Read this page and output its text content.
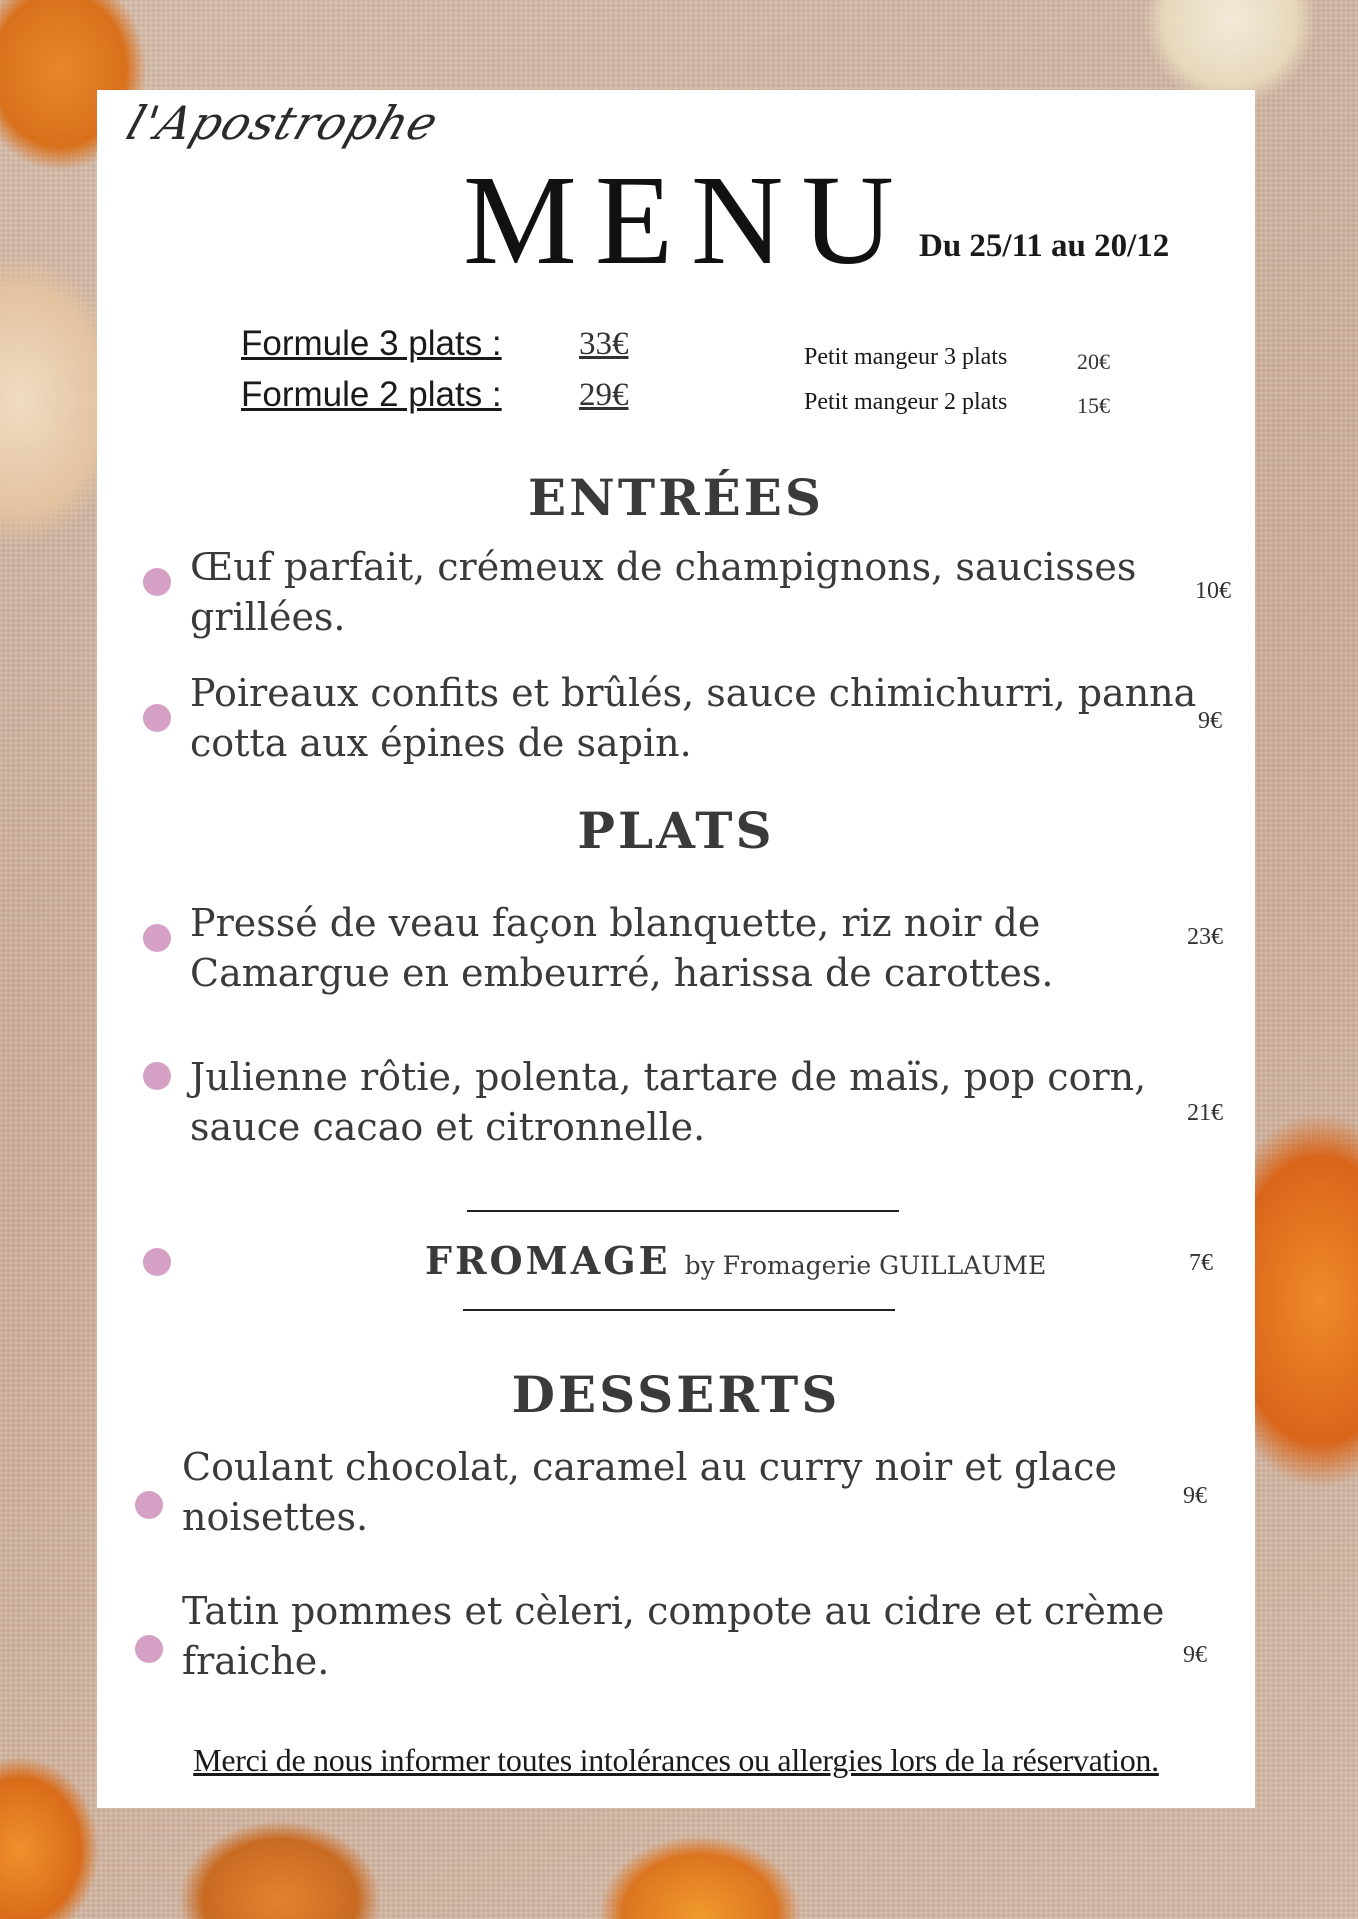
l'Apostrophe
MENU Du 25/11 au 20/12
Formule 3 plats : 33€
Formule 2 plats : 29€
Petit mangeur 3 plats	20€
Petit mangeur 2 plats	15€
ENTRÉES
Œuf parfait, crémeux de champignons, saucisses
grillées.
10€
Poireaux confits et brûlés, sauce chimichurri, panna
cotta aux épines de sapin.	9€
PLATS
Pressé de veau façon blanquette, riz noir de
Camargue en embeurré, harissa de carottes.
23€
Julienne rôtie, polenta, tartare de maïs, pop corn,
sauce cacao et citronnelle.	21€
FROMAGE by Fromagerie GUILLAUME	7€
DESSERTS
Coulant chocolat, caramel au curry noir et glace
noisettes.	9€
Tatin pommes et cèleri, compote au cidre et crème
fraiche.	9€
Merci de nous informer toutes intolérances ou allergies lors de la réservation.
